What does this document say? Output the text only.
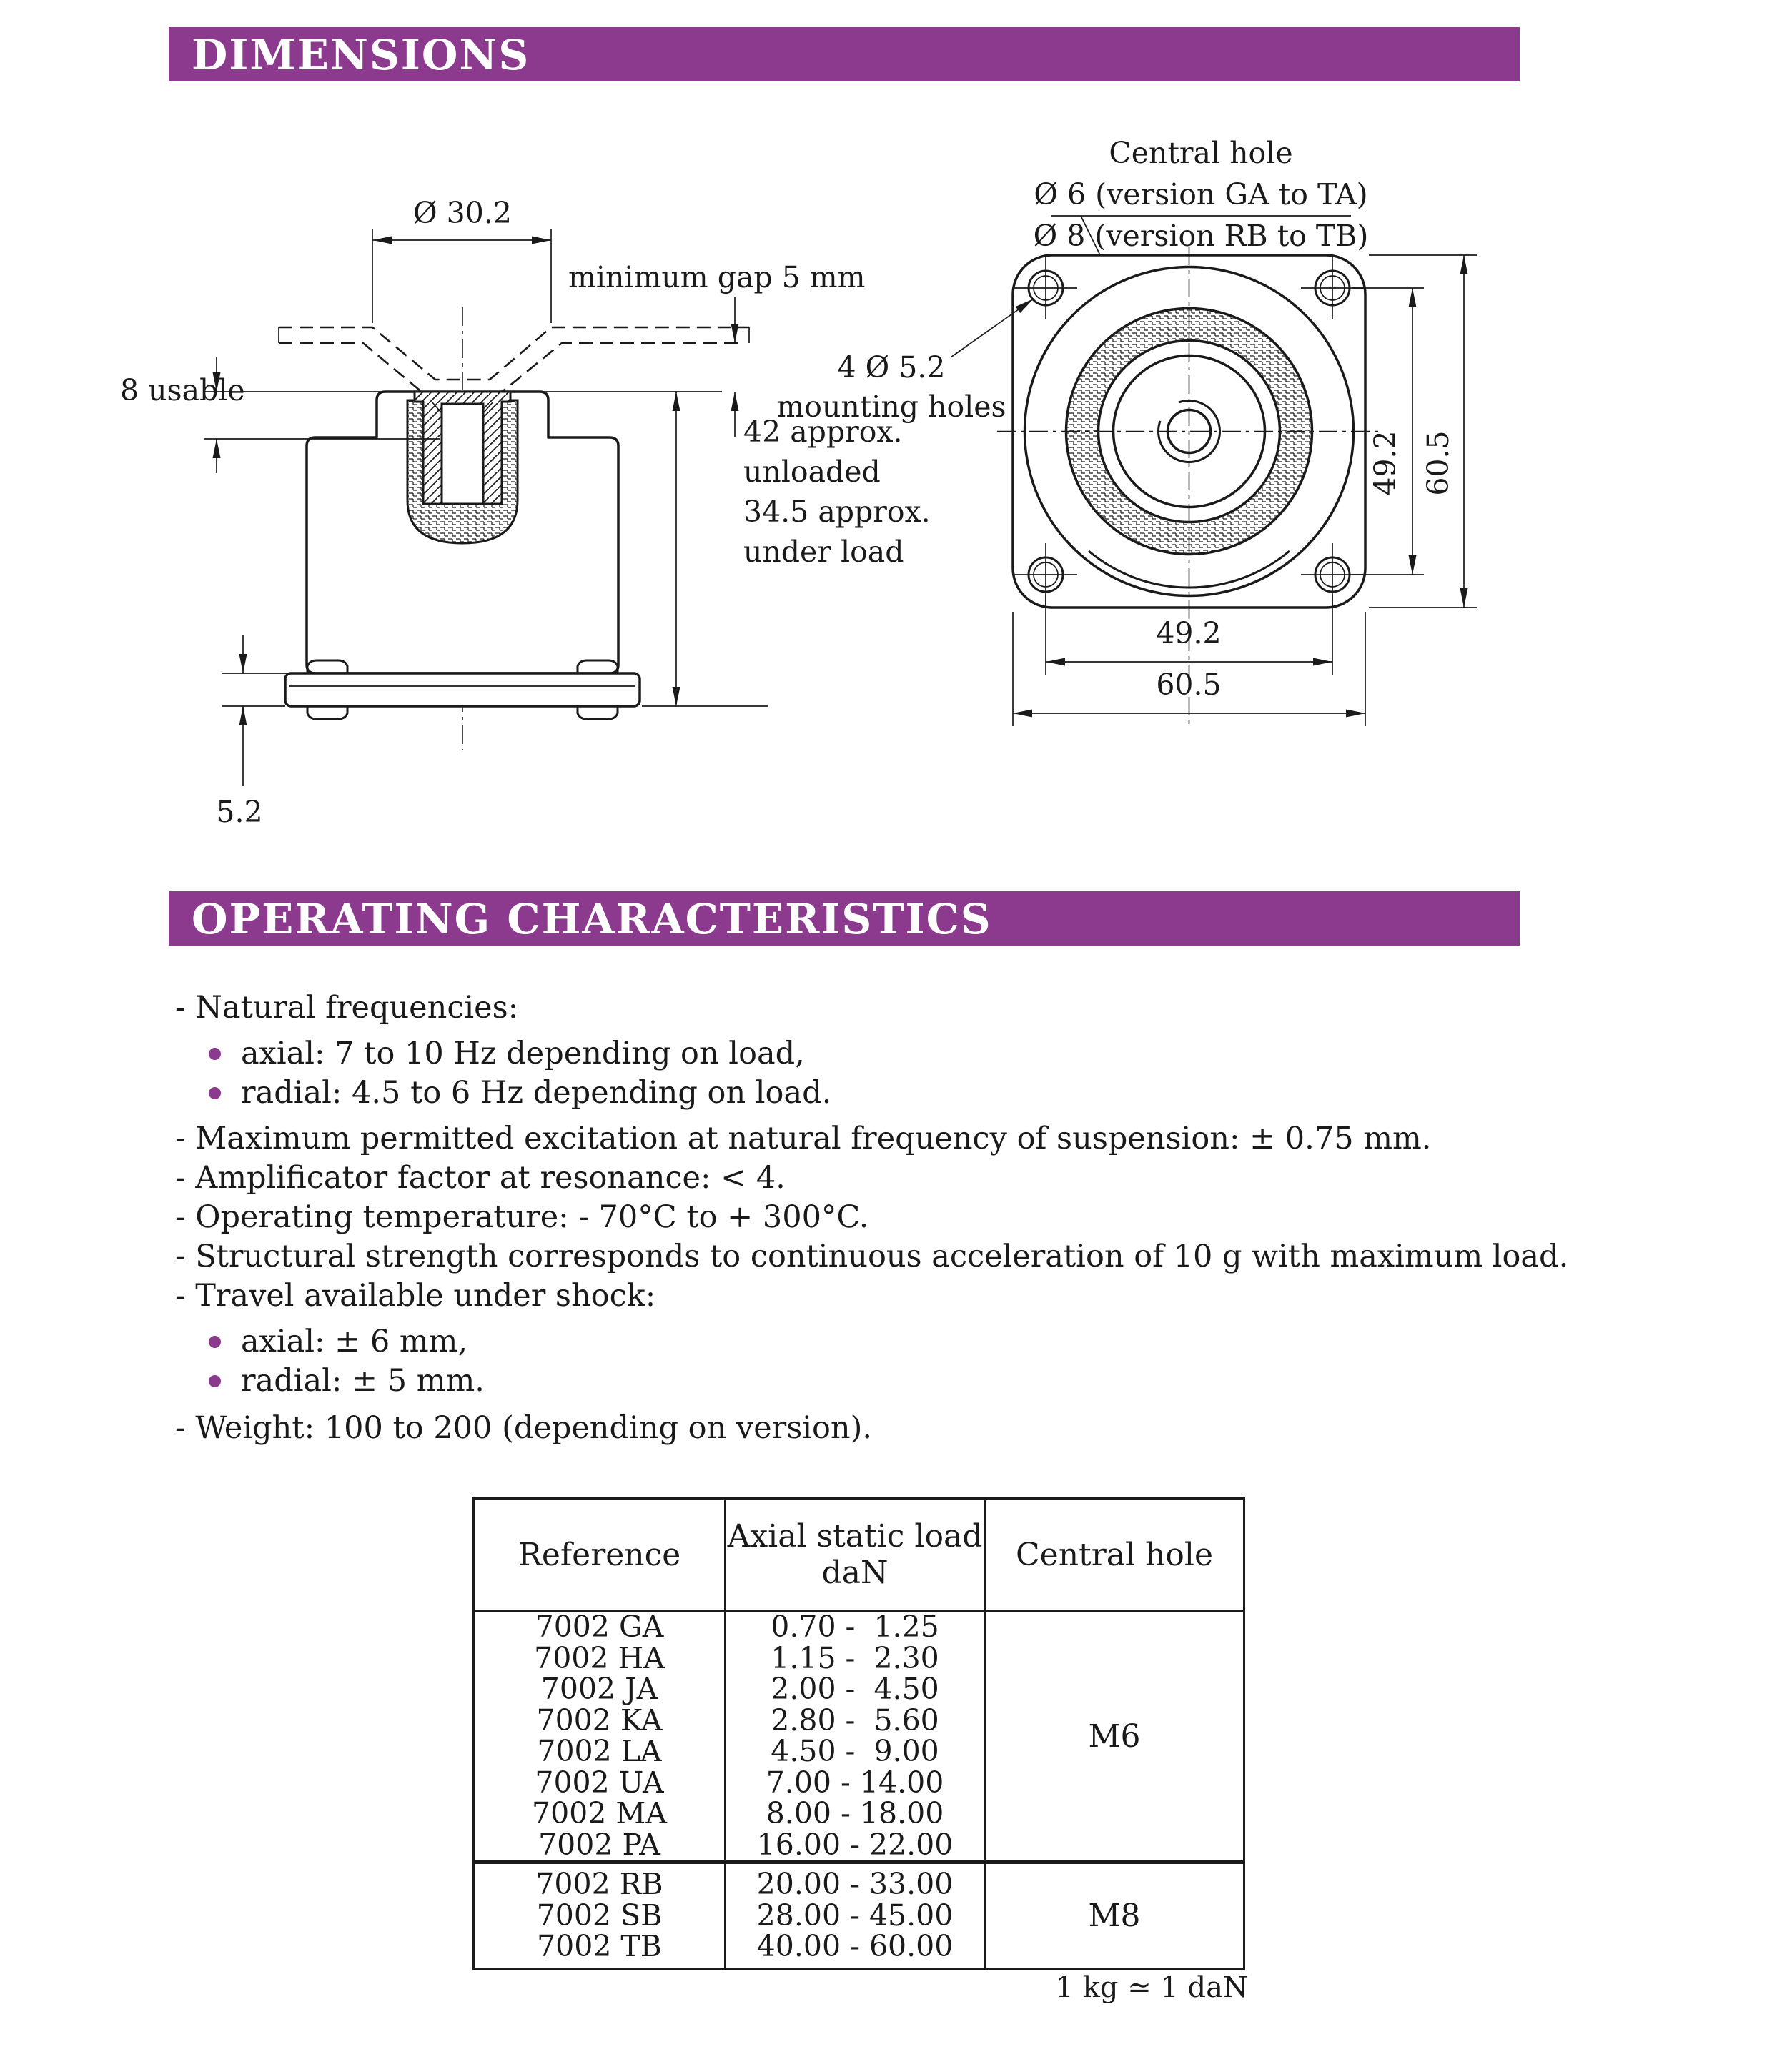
DIMENSIONS
Ø 30.2
minimum gap 5 mm
8 usable
42 approx.
unloaded
34.5 approx.
under load
5.2
Central hole
Ø 6 (version GA to TA)
Ø 8 (version RB to TB)
4 Ø 5.2
mounting holes
49.2 60.5
49.2
60.5
OPERATING CHARACTERISTICS
- Natural frequencies:
axial: 7 to 10 Hz depending on load,
radial: 4.5 to 6 Hz depending on load.
- Maximum permitted excitation at natural frequency of suspension: ± 0.75 mm.
- Amplificator factor at resonance: < 4.
- Operating temperature: - 70°C to + 300°C.
- Structural strength corresponds to continuous acceleration of 10 g with maximum load.
- Travel available under shock:
axial: ± 6 mm,
radial: ± 5 mm.
- Weight: 100 to 200 (depending on version).
Reference	Axial static load
daN	Central hole
7002 GA
7002 HA
7002 JA
7002 KA
7002 LA
7002 UA
7002 MA
7002 PA
0.70 -  1.25
1.15 -  2.30
2.00 -  4.50
2.80 -  5.60
4.50 -  9.00
7.00 - 14.00
8.00 - 18.00
16.00 - 22.00
M6
7002 RB
7002 SB
7002 TB
20.00 - 33.00
28.00 - 45.00
40.00 - 60.00
M8
1 kg ≃ 1 daN
